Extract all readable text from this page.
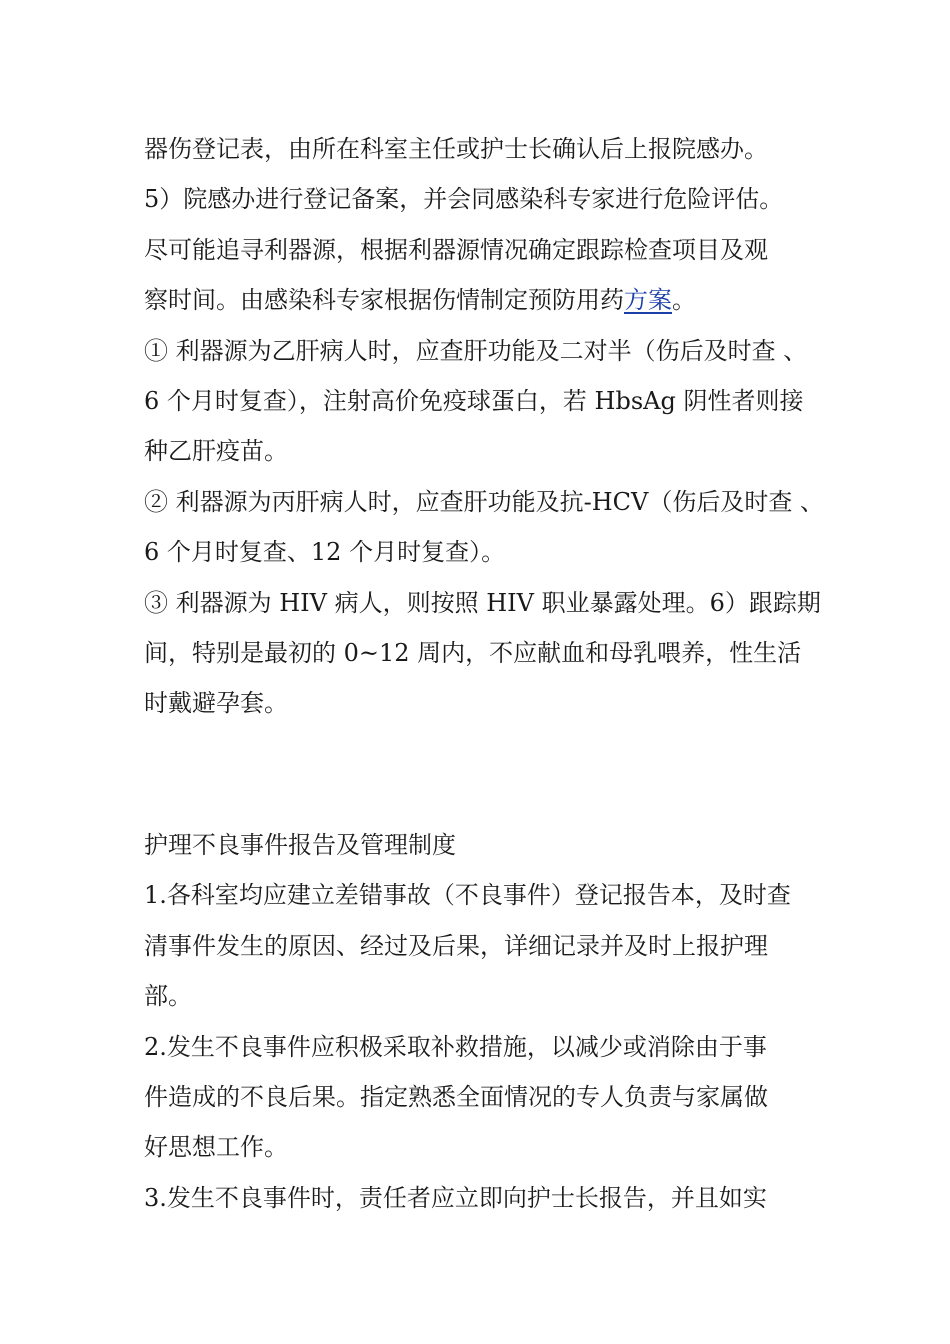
器伤登记表，由所在科室主任或护士长确认后上报院感办。
5）院感办进行登记备案，并会同感染科专家进行危险评估。
尽可能追寻利器源，根据利器源情况确定跟踪检查项目及观
察时间。由感染科专家根据伤情制定预防用药方案。
① 利器源为乙肝病人时，应查肝功能及二对半（伤后及时查 、
6 个月时复查），注射高价免疫球蛋白，若 HbsAg 阴性者则接
种乙肝疫苗。
② 利器源为丙肝病人时，应查肝功能及抗-HCV（伤后及时查 、
6 个月时复查、12 个月时复查）。
③ 利器源为 HIV 病人，则按照 HIV 职业暴露处理。6）跟踪期
间，特别是最初的 0~12 周内，不应献血和母乳喂养，性生活
时戴避孕套。
护理不良事件报告及管理制度
1.各科室均应建立差错事故（不良事件）登记报告本，及时查
清事件发生的原因、经过及后果，详细记录并及时上报护理
部。
2.发生不良事件应积极采取补救措施，以减少或消除由于事
件造成的不良后果。指定熟悉全面情况的专人负责与家属做
好思想工作。
3.发生不良事件时，责任者应立即向护士长报告，并且如实
